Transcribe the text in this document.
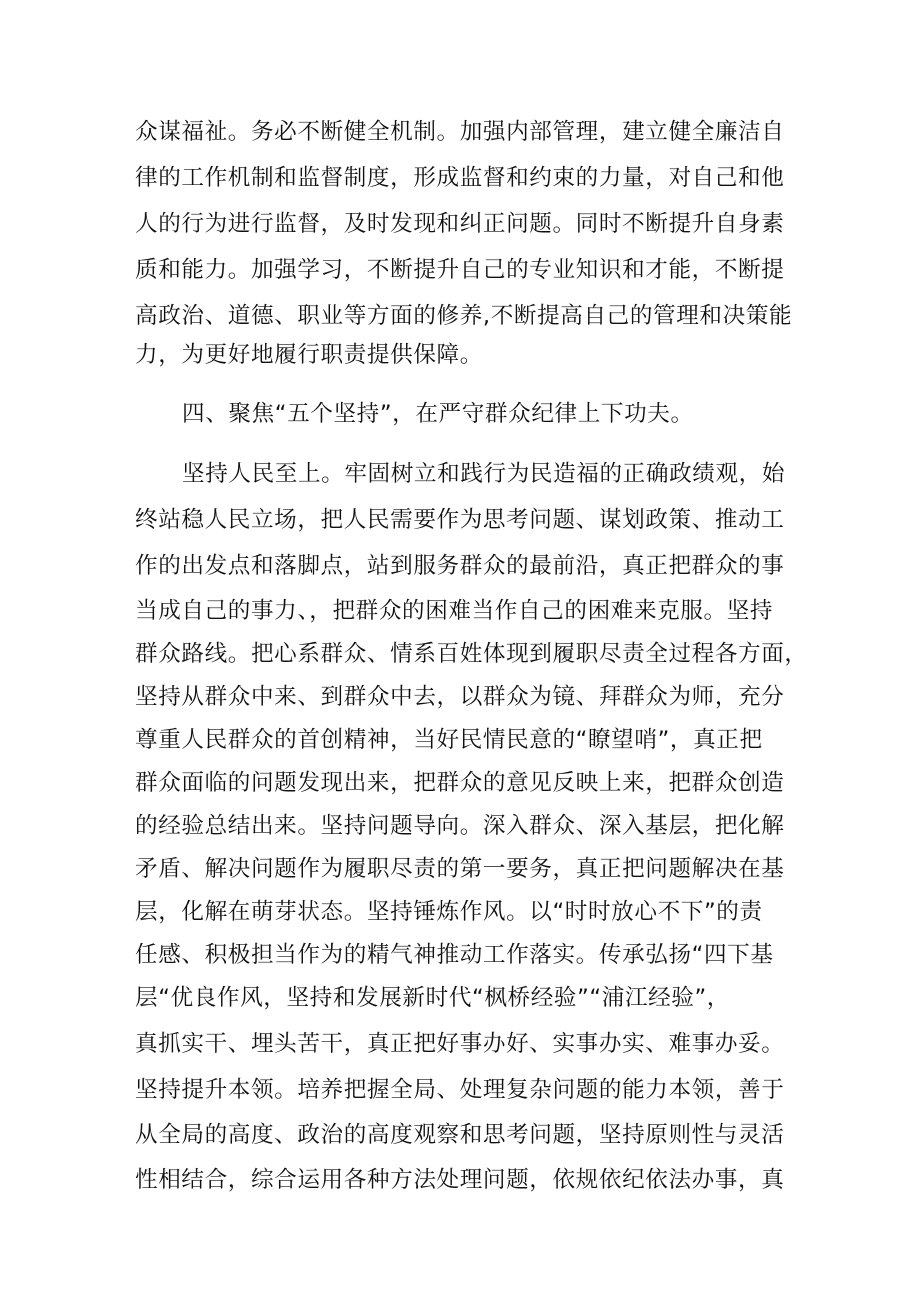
众谋福祉。务必不断健全机制。加强内部管理，建立健全廉洁自
律的工作机制和监督制度，形成监督和约束的力量，对自己和他
人的行为进行监督，及时发现和纠正问题。同时不断提升自身素
质和能力。加强学习，不断提升自己的专业知识和才能，不断提
高政治、道德、职业等方面的修养,不断提高自己的管理和决策能
力，为更好地履行职责提供保障。
四、聚焦“五个坚持”，在严守群众纪律上下功夫。
坚持人民至上。牢固树立和践行为民造福的正确政绩观，始
终站稳人民立场，把人民需要作为思考问题、谋划政策、推动工
作的出发点和落脚点，站到服务群众的最前沿，真正把群众的事
当成自己的事力、，把群众的困难当作自己的困难来克服。坚持
群众路线。把心系群众、情系百姓体现到履职尽责全过程各方面，
坚持从群众中来、到群众中去，以群众为镜、拜群众为师，充分
尊重人民群众的首创精神，当好民情民意的“瞭望哨”，真正把
群众面临的问题发现出来，把群众的意见反映上来，把群众创造
的经验总结出来。坚持问题导向。深入群众、深入基层，把化解
矛盾、解决问题作为履职尽责的第一要务，真正把问题解决在基
层，化解在萌芽状态。坚持锤炼作风。以“时时放心不下”的责
任感、积极担当作为的精气神推动工作落实。传承弘扬“四下基
层“优良作风，坚持和发展新时代“枫桥经验”“浦江经验”，
真抓实干、埋头苦干，真正把好事办好、实事办实、难事办妥。
坚持提升本领。培养把握全局、处理复杂问题的能力本领，善于
从全局的高度、政治的高度观察和思考问题，坚持原则性与灵活
性相结合，综合运用各种方法处理问题，依规依纪依法办事，真
